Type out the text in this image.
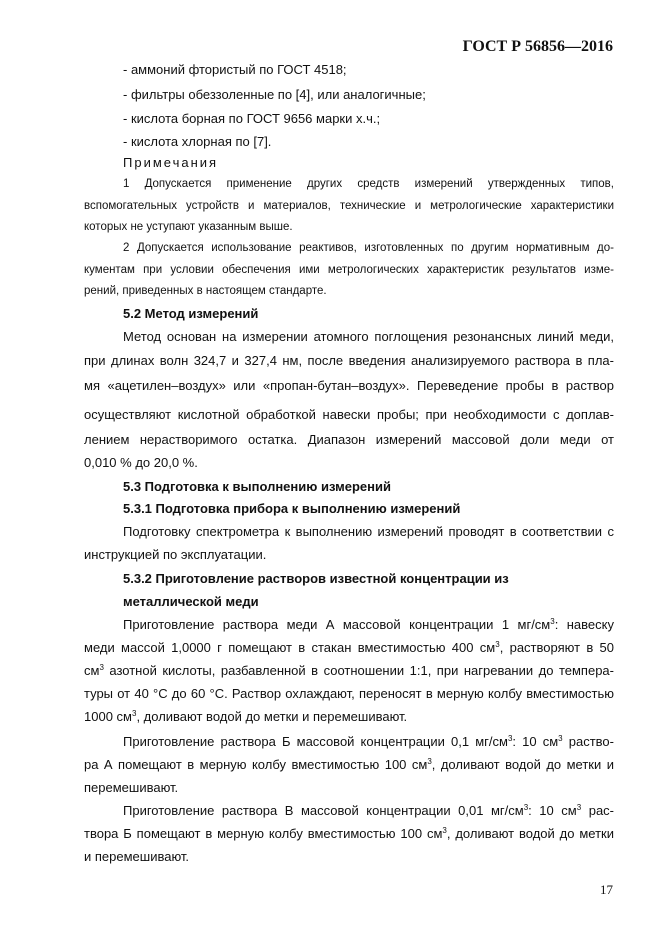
ГОСТ Р 56856—2016
- аммоний фтористый по ГОСТ 4518;
- фильтры обеззоленные по [4], или аналогичные;
- кислота борная по ГОСТ 9656 марки х.ч.;
- кислота хлорная по [7].
Примечания
1 Допускается применение других средств измерений утвержденных типов,
вспомогательных устройств и материалов, технические и метрологические характеристики
которых не уступают указанным выше.
2 Допускается использование реактивов, изготовленных по другим нормативным до-
кументам при условии обеспечения ими метрологических характеристик результатов изме-
рений, приведенных в настоящем стандарте.
5.2 Метод измерений
Метод основан на измерении атомного поглощения резонансных линий меди,
при длинах волн 324,7 и 327,4 нм, после введения анализируемого раствора в пла-
мя «ацетилен–воздух» или «пропан-бутан–воздух». Переведение пробы в раствор
осуществляют кислотной обработкой навески пробы; при необходимости с доплав-
лением нерастворимого остатка. Диапазон измерений массовой доли меди от
0,010 % до 20,0 %.
5.3 Подготовка к выполнению измерений
5.3.1 Подготовка прибора к выполнению измерений
Подготовку спектрометра к выполнению измерений проводят в соответствии с
инструкцией по эксплуатации.
5.3.2 Приготовление растворов известной концентрации из
металлической меди
Приготовление раствора меди А массовой концентрации 1 $мг/см^3$: навеску
меди массой 1,0000 г помещают в стакан вместимостью 400 $см^3$, растворяют в 50
$см^3$ азотной кислоты, разбавленной в соотношении 1:1, при нагревании до темпера-
туры от 40 °С до 60 °С. Раствор охлаждают, переносят в мерную колбу вместимостью
1000 $см^3$, доливают водой до метки и перемешивают.
Приготовление раствора Б массовой концентрации 0,1 $мг/см^3$: 10 $см^3$ раство-
ра А помещают в мерную колбу вместимостью 100 $см^3$, доливают водой до метки и
перемешивают.
Приготовление раствора В массовой концентрации 0,01 $мг/см^3$: 10 $см^3$ рас-
твора Б помещают в мерную колбу вместимостью 100 $см^3$, доливают водой до метки
и перемешивают.
17
